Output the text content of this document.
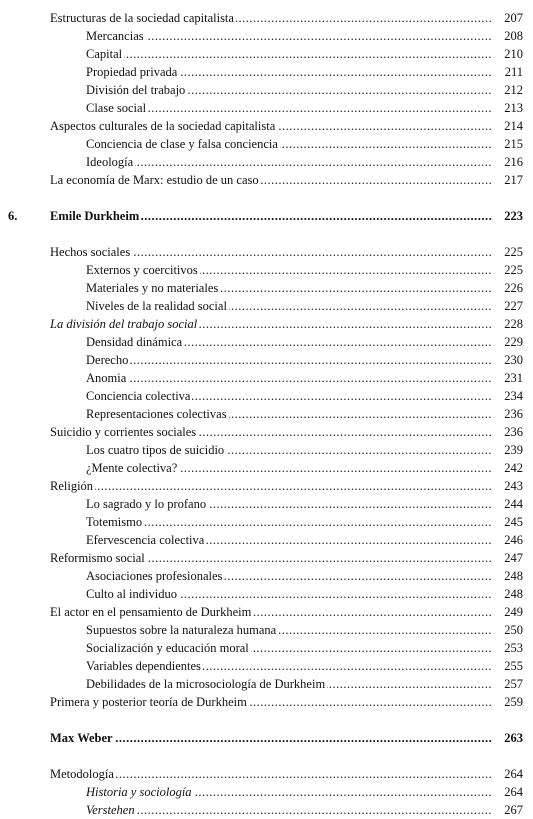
Estructuras de la sociedad capitalista .....	207
Mercancias .....	208
Capital .....	210
Propiedad privada .....	211
División del trabajo .....	212
Clase social .....	213
Aspectos culturales de la sociedad capitalista .....	214
Conciencia de clase y falsa conciencia .....	215
Ideología .....	216
La economía de Marx: estudio de un caso .....	217
6.	Emile Durkheim .....	223
Hechos sociales .....	225
Externos y coercitivos .....	225
Materiales y no materiales .....	226
Niveles de la realidad social .....	227
La división del trabajo social .....	228
Densidad dinámica .....	229
Derecho .....	230
Anomia .....	231
Conciencia colectiva .....	234
Representaciones colectivas .....	236
Suicidio y corrientes sociales .....	236
Los cuatro tipos de suicidio .....	239
¿Mente colectiva? .....	242
Religión .....	243
Lo sagrado y lo profano .....	244
Totemismo .....	245
Efervescencia colectiva .....	246
Reformismo social .....	247
Asociaciones profesionales .....	248
Culto al individuo .....	248
El actor en el pensamiento de Durkheim .....	249
Supuestos sobre la naturaleza humana .....	250
Socialización y educación moral .....	253
Variables dependientes .....	255
Debilidades de la microsociología de Durkheim .....	257
Primera y posterior teoría de Durkheim .....	259
Max Weber .....	263
Metodología .....	264
Historia y sociología .....	264
Verstehen .....	267
